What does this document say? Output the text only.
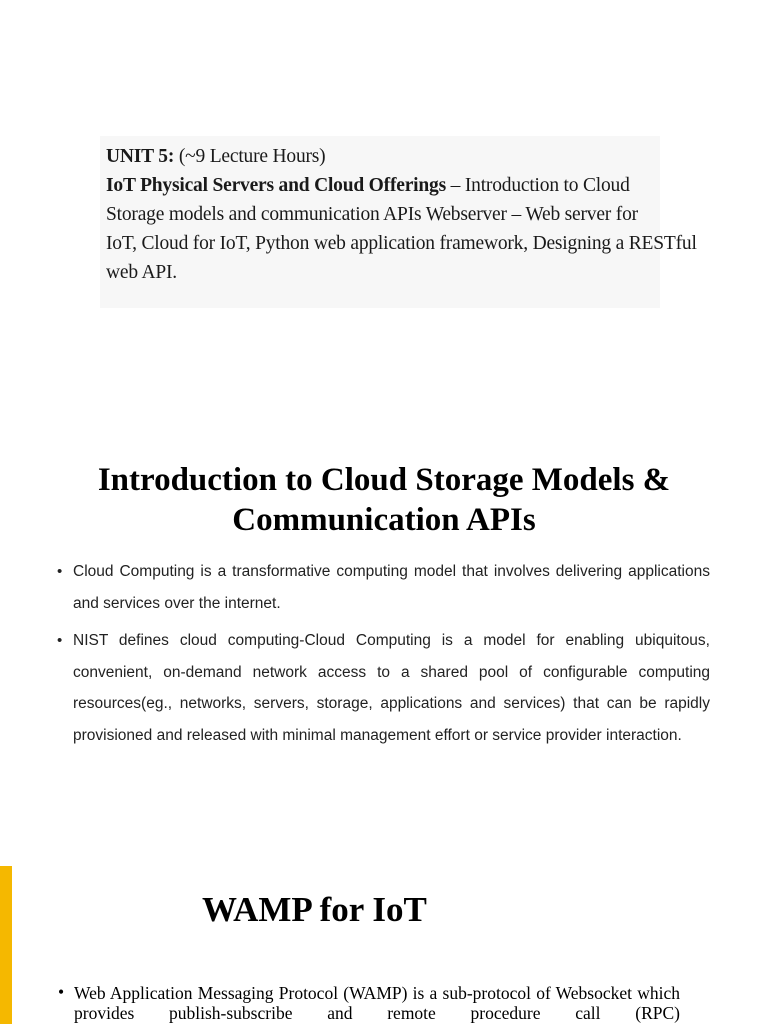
UNIT 5: (~9 Lecture Hours)
IoT Physical Servers and Cloud Offerings – Introduction to Cloud
Storage models and communication APIs Webserver – Web server for
IoT, Cloud for IoT, Python web application framework, Designing a RESTful
web API.
Introduction to Cloud Storage Models & Communication APIs
• Cloud Computing is a transformative computing model that involves delivering applications and services over the internet.
• NIST defines cloud computing-Cloud Computing is a model for enabling ubiquitous, convenient, on-demand network access to a shared pool of configurable computing resources(eg., networks, servers, storage, applications and services) that can be rapidly provisioned and released with minimal management effort or service provider interaction.
WAMP for IoT
• Web Application Messaging Protocol (WAMP) is a sub-protocol of Websocket which provides publish-subscribe and remote procedure call (RPC)
